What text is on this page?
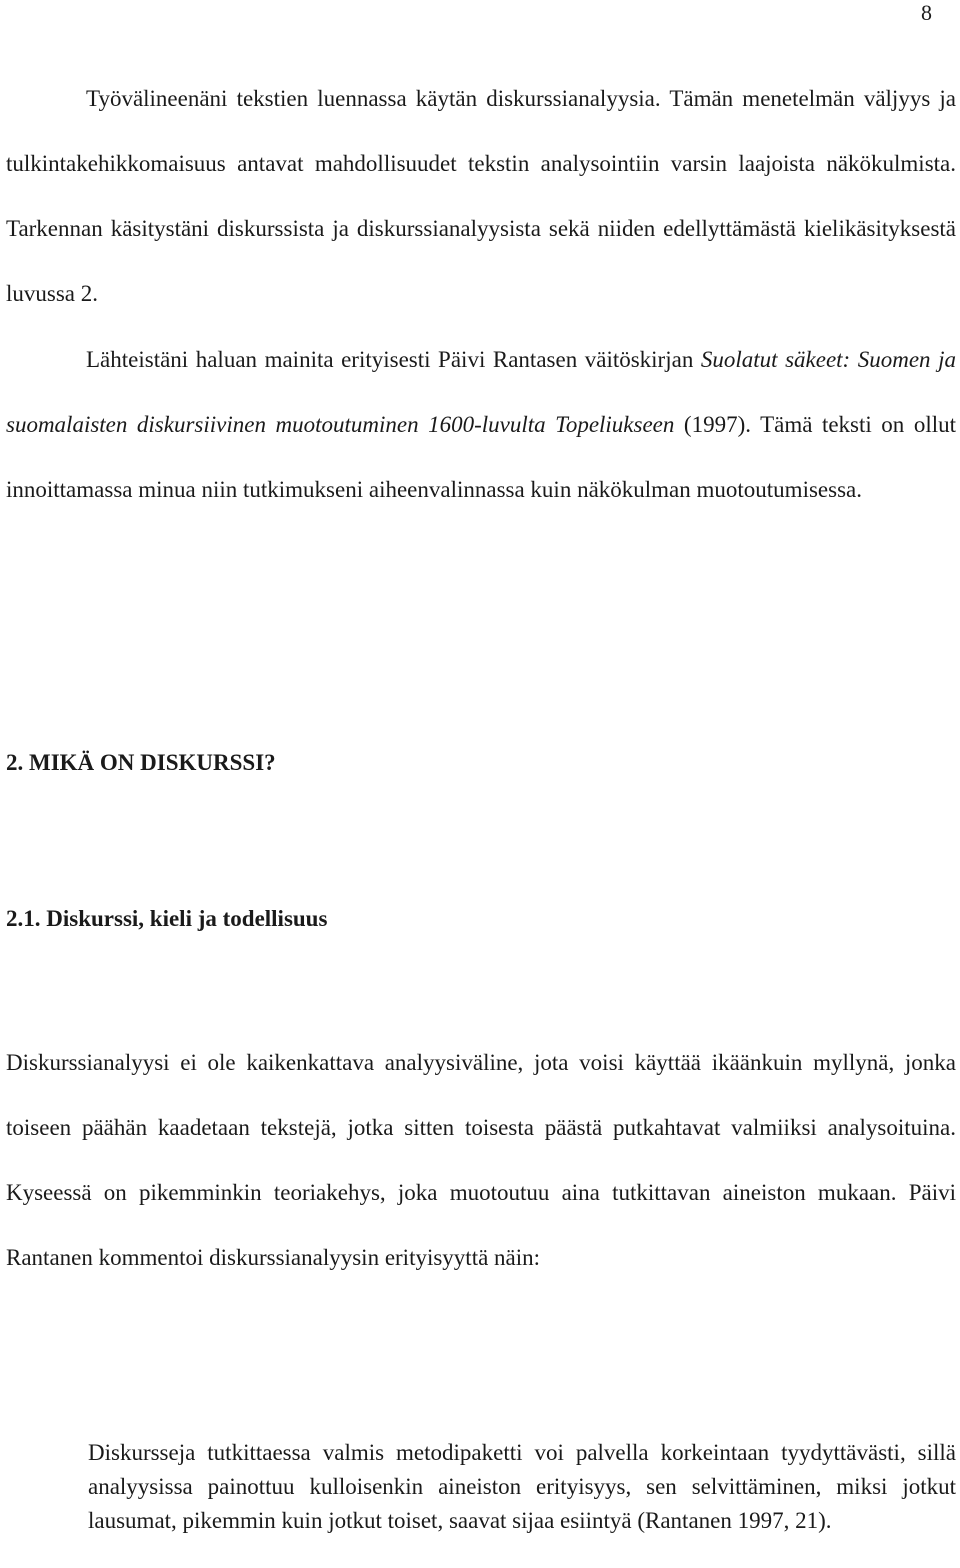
8

Työvälineenäni tekstien luennassa käytän diskurssianalyysia. Tämän menetelmän väljyys ja tulkintakehikkomaisuus antavat mahdollisuudet tekstin analysointiin varsin laajoista näkökulmista. Tarkennan käsitystäni diskurssista ja diskurssianalyysista sekä niiden edellyttämästä kielikäsityksestä luvussa 2.

Lähteistäni haluan mainita erityisesti Päivi Rantasen väitöskirjan Suolatut säkeet: Suomen ja suomalaisten diskursiivinen muotoutuminen 1600-luvulta Topeliukseen (1997). Tämä teksti on ollut innoittamassa minua niin tutkimukseni aiheenvalinnassa kuin näkökulman muotoutumisessa.

2. MIKÄ ON DISKURSSI?
2.1. Diskurssi, kieli ja todellisuus

Diskurssianalyysi ei ole kaikenkattava analyysiväline, jota voisi käyttää ikäänkuin myllynä, jonka toiseen päähän kaadetaan tekstejä, jotka sitten toisesta päästä putkahtavat valmiiksi analysoituina. Kyseessä on pikemminkin teoriakehys, joka muotoutuu aina tutkittavan aineiston mukaan. Päivi Rantanen kommentoi diskurssianalyysin erityisyyttä näin:

Diskursseja tutkittaessa valmis metodipaketti voi palvella korkeintaan tyydyttävästi, sillä analyysissa painottuu kulloisenkin aineiston erityisyys, sen selvittäminen, miksi jotkut lausumat, pikemmin kuin jotkut toiset, saavat sijaa esiintyä (Rantanen 1997, 21).
